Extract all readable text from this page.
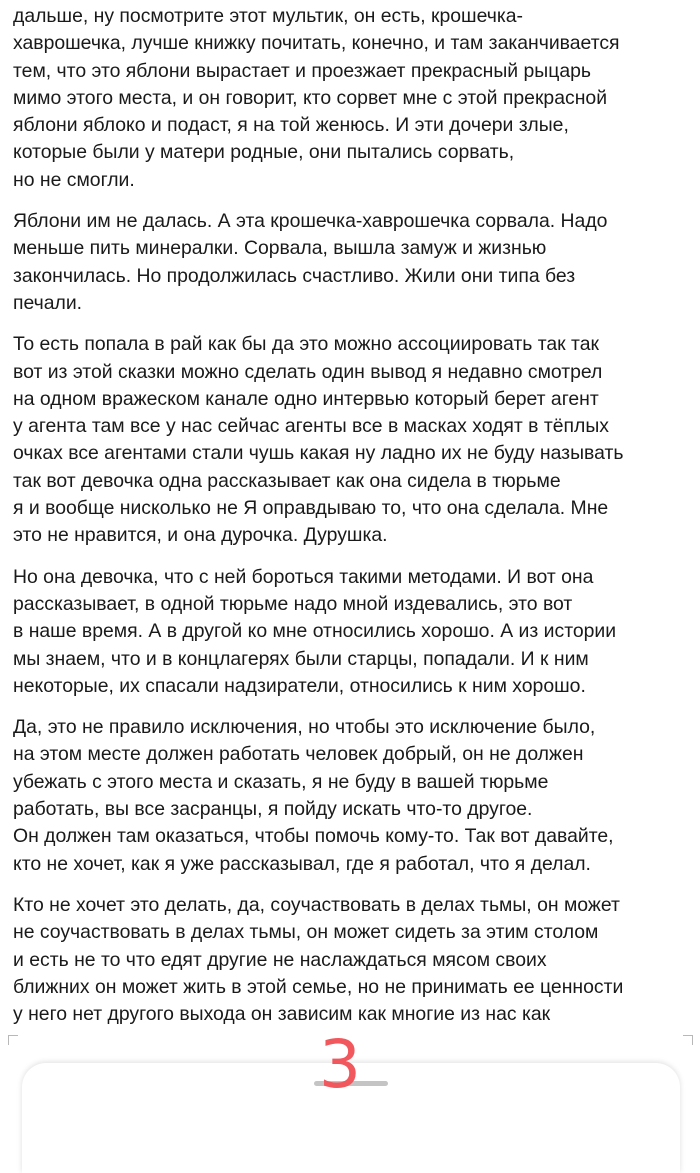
дальше, ну посмотрите этот мультик, он есть, крошечка-
хаврошечка, лучше книжку почитать, конечно, и там заканчивается
тем, что это яблони вырастает и проезжает прекрасный рыцарь
мимо этого места, и он говорит, кто сорвет мне с этой прекрасной
яблони яблоко и подаст, я на той женюсь. И эти дочери злые,
которые были у матери родные, они пытались сорвать,
но не смогли.
Яблони им не далась. А эта крошечка-хаврошечка сорвала. Надо
меньше пить минералки. Сорвала, вышла замуж и жизнью
закончилась. Но продолжилась счастливо. Жили они типа без
печали.
То есть попала в рай как бы да это можно ассоциировать так так
вот из этой сказки можно сделать один вывод я недавно смотрел
на одном вражеском канале одно интервью который берет агент
у агента там все у нас сейчас агенты все в масках ходят в тёплых
очках все агентами стали чушь какая ну ладно их не буду называть
так вот девочка одна рассказывает как она сидела в тюрьме
я и вообще нисколько не Я оправдываю то, что она сделала. Мне
это не нравится, и она дурочка. Дурушка.
Но она девочка, что с ней бороться такими методами. И вот она
рассказывает, в одной тюрьме надо мной издевались, это вот
в наше время. А в другой ко мне относились хорошо. А из истории
мы знаем, что и в концлагерях были старцы, попадали. И к ним
некоторые, их спасали надзиратели, относились к ним хорошо.
Да, это не правило исключения, но чтобы это исключение было,
на этом месте должен работать человек добрый, он не должен
убежать с этого места и сказать, я не буду в вашей тюрьме
работать, вы все засранцы, я пойду искать что-то другое.
Он должен там оказаться, чтобы помочь кому-то. Так вот давайте,
кто не хочет, как я уже рассказывал, где я работал, что я делал.
Кто не хочет это делать, да, соучаствовать в делах тьмы, он может
не соучаствовать в делах тьмы, он может сидеть за этим столом
и есть не то что едят другие не наслаждаться мясом своих
ближних он может жить в этой семье, но не принимать ее ценности
у него нет другого выхода он зависим как многие из нас как
3
